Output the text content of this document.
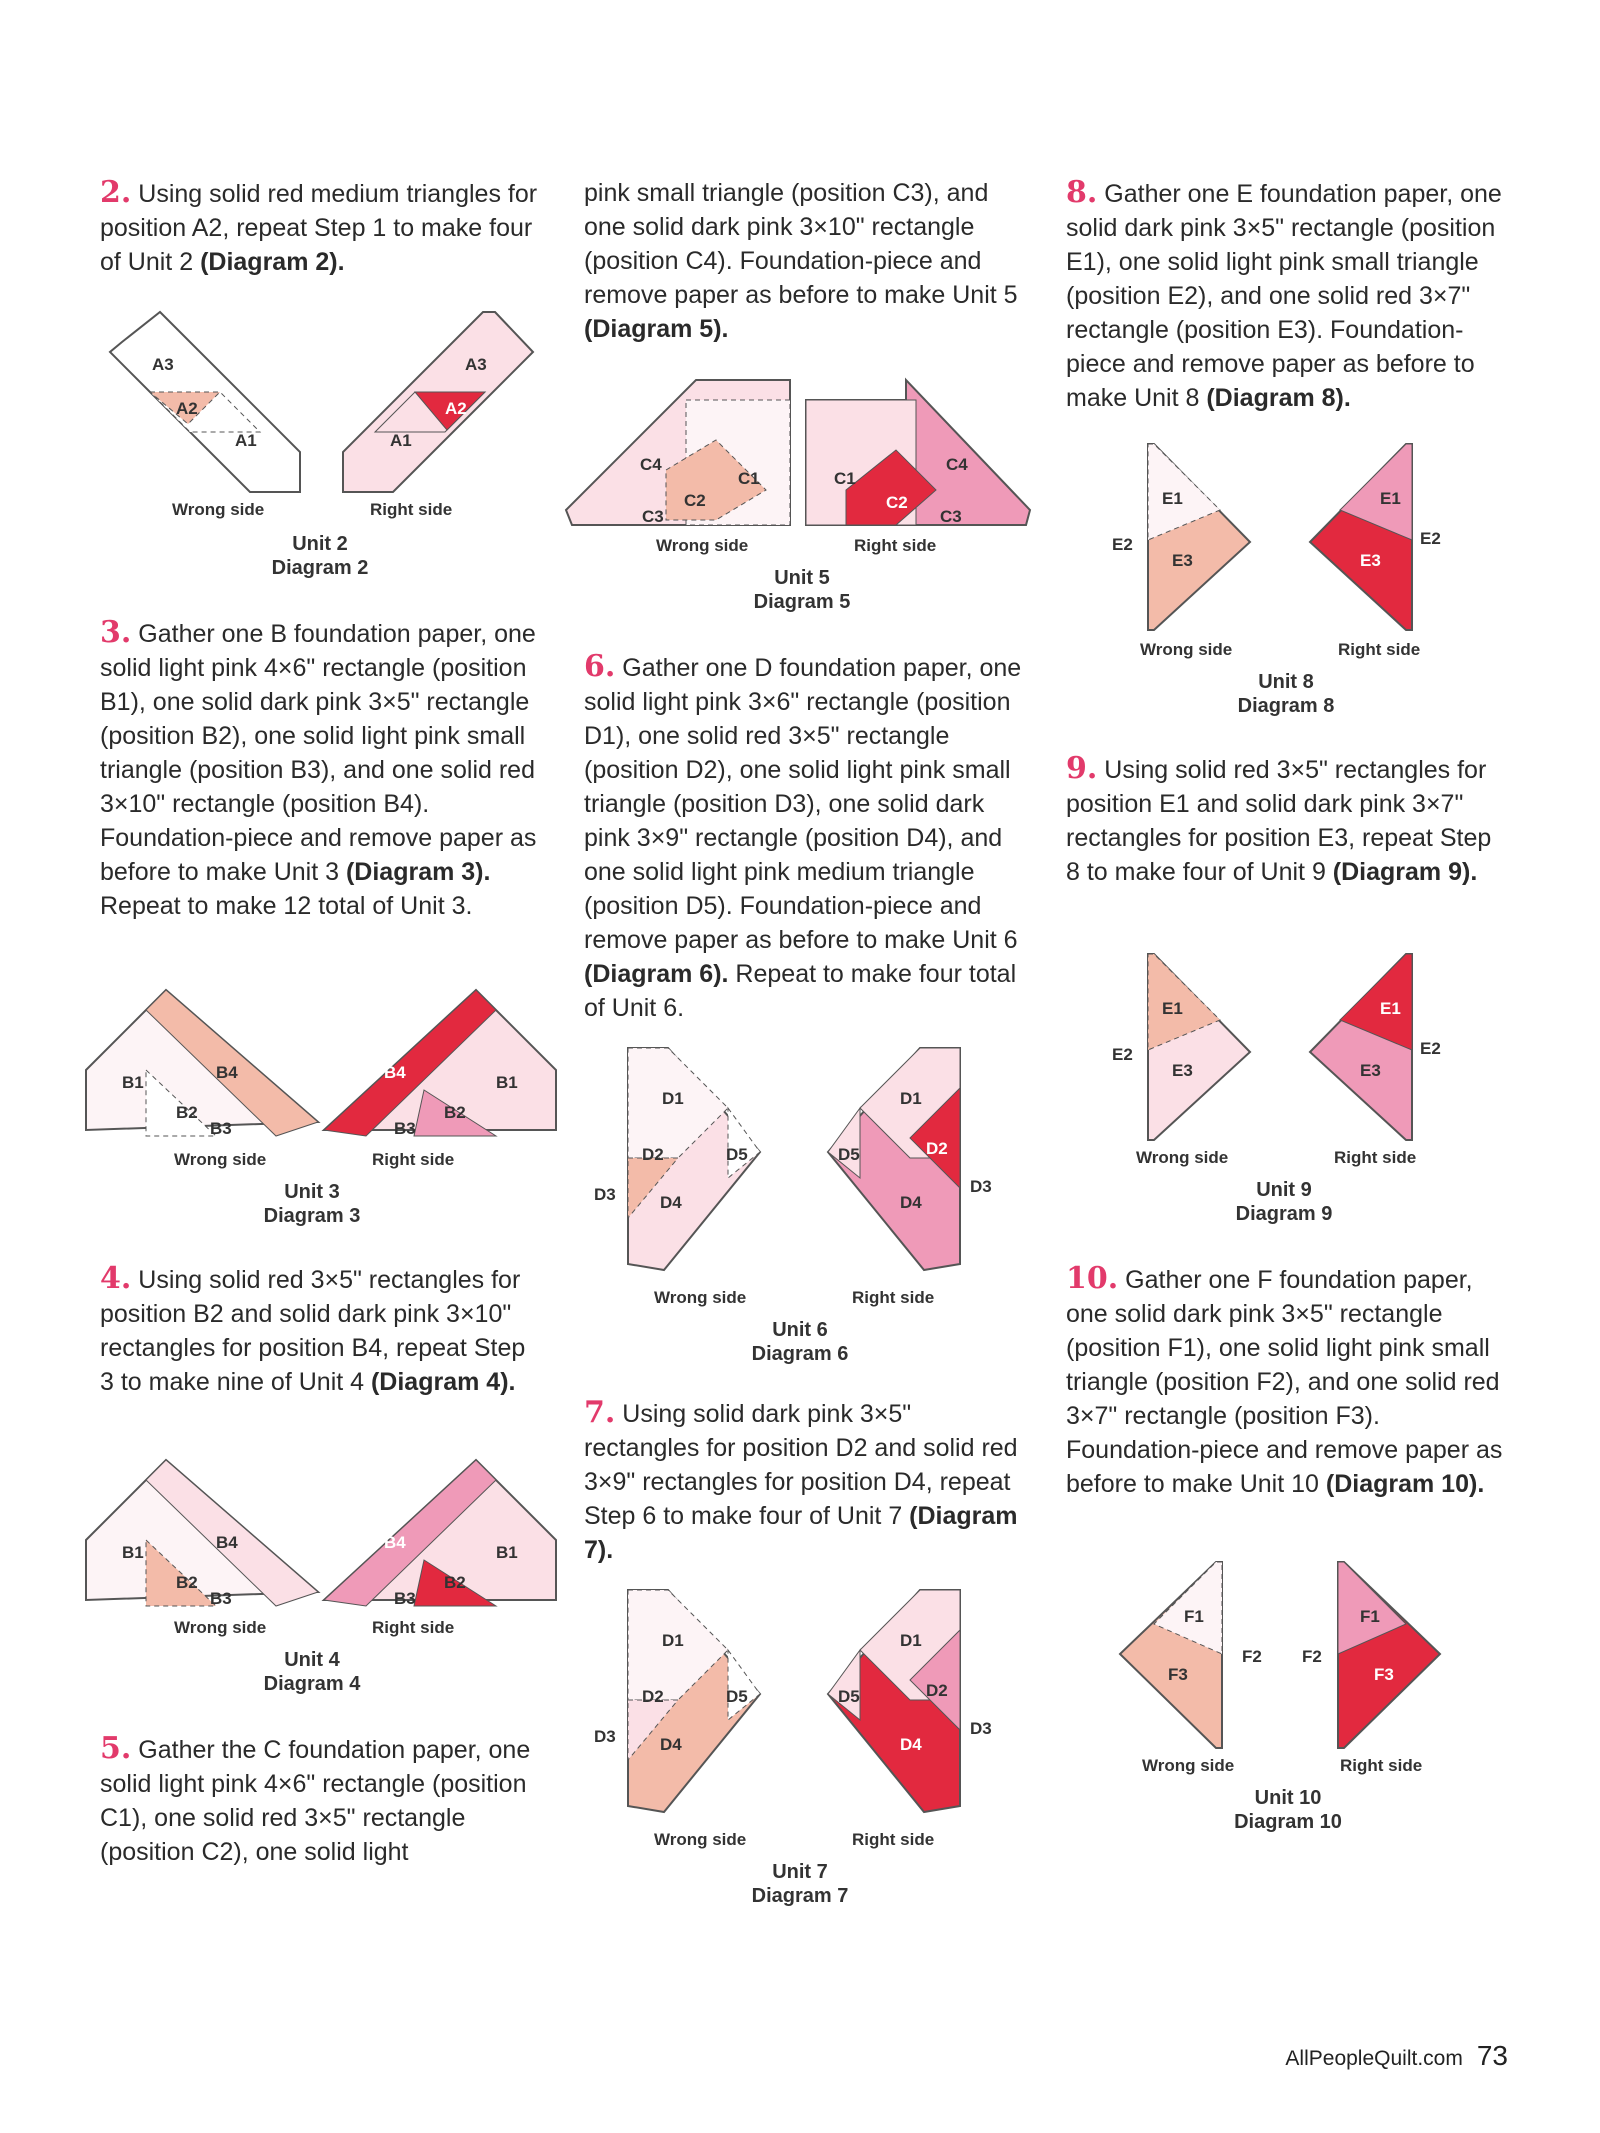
2. Using solid red medium triangles for position A2, repeat Step 1 to make four of Unit 2 (Diagram 2).

A3
A2
A1
A3
A2
A1
Wrong side	Right side
Unit 2
Diagram 2

3. Gather one B foundation paper, one solid light pink 4×6" rectangle (position B1), one solid dark pink 3×5" rectangle (position B2), one solid light pink small triangle (position B3), and one solid red 3×10" rectangle (position B4). Foundation-piece and remove paper as before to make Unit 3 (Diagram 3). Repeat to make 12 total of Unit 3.

B1
B2
B3
B4	B4
B1
B2
B3
Wrong side	Right side
Unit 3
Diagram 3

4. Using solid red 3×5" rectangles for position B2 and solid dark pink 3×10" rectangles for position B4, repeat Step 3 to make nine of Unit 4 (Diagram 4).

B1
B2
B3
B4	B4
B1
B2
B3
Wrong side	Right side
Unit 4
Diagram 4

5. Gather the C foundation paper, one solid light pink 4×6" rectangle (position C1), one solid red 3×5" rectangle (position C2), one solid light

pink small triangle (position C3), and one solid dark pink 3×10" rectangle (position C4). Foundation-piece and remove paper as before to make Unit 5 (Diagram 5).

C4
C1
C2
C3
C4
C1
C2
C3
Wrong side	Right side
Unit 5
Diagram 5

6. Gather one D foundation paper, one solid light pink 3×6" rectangle (position D1), one solid red 3×5" rectangle (position D2), one solid light pink small triangle (position D3), one solid dark pink 3×9" rectangle (position D4), and one solid light pink medium triangle (position D5). Foundation-piece and remove paper as before to make Unit 6 (Diagram 6). Repeat to make four total of Unit 6.

D1
D2
D3	D4
D5
D1
D2
D3
D4
D5
Wrong side	Right side
Unit 6
Diagram 6

7. Using solid dark pink 3×5" rectangles for position D2 and solid red 3×9" rectangles for position D4, repeat Step 6 to make four of Unit 7 (Diagram 7).

D1
D2
D3	D4
D5
D1
D2
D3
D4
D5
Wrong side	Right side
Unit 7
Diagram 7

8. Gather one E foundation paper, one solid dark pink 3×5" rectangle (position E1), one solid light pink small triangle (position E2), and one solid red 3×7" rectangle (position E3). Foundation-piece and remove paper as before to make Unit 8 (Diagram 8).

E1
E2
E3
E1
E2
E3
Wrong side	Right side
Unit 8
Diagram 8

9. Using solid red 3×5" rectangles for position E1 and solid dark pink 3×7" rectangles for position E3, repeat Step 8 to make four of Unit 9 (Diagram 9).

E1
E2
E3
E1
E2
E3
Wrong side	Right side
Unit 9
Diagram 9

10. Gather one F foundation paper, one solid dark pink 3×5" rectangle (position F1), one solid light pink small triangle (position F2), and one solid red 3×7" rectangle (position F3). Foundation-piece and remove paper as before to make Unit 10 (Diagram 10).

F1
F2
F3
F1
F2
F3
Wrong side	Right side
Unit 10
Diagram 10
AllPeopleQuilt.com 73
